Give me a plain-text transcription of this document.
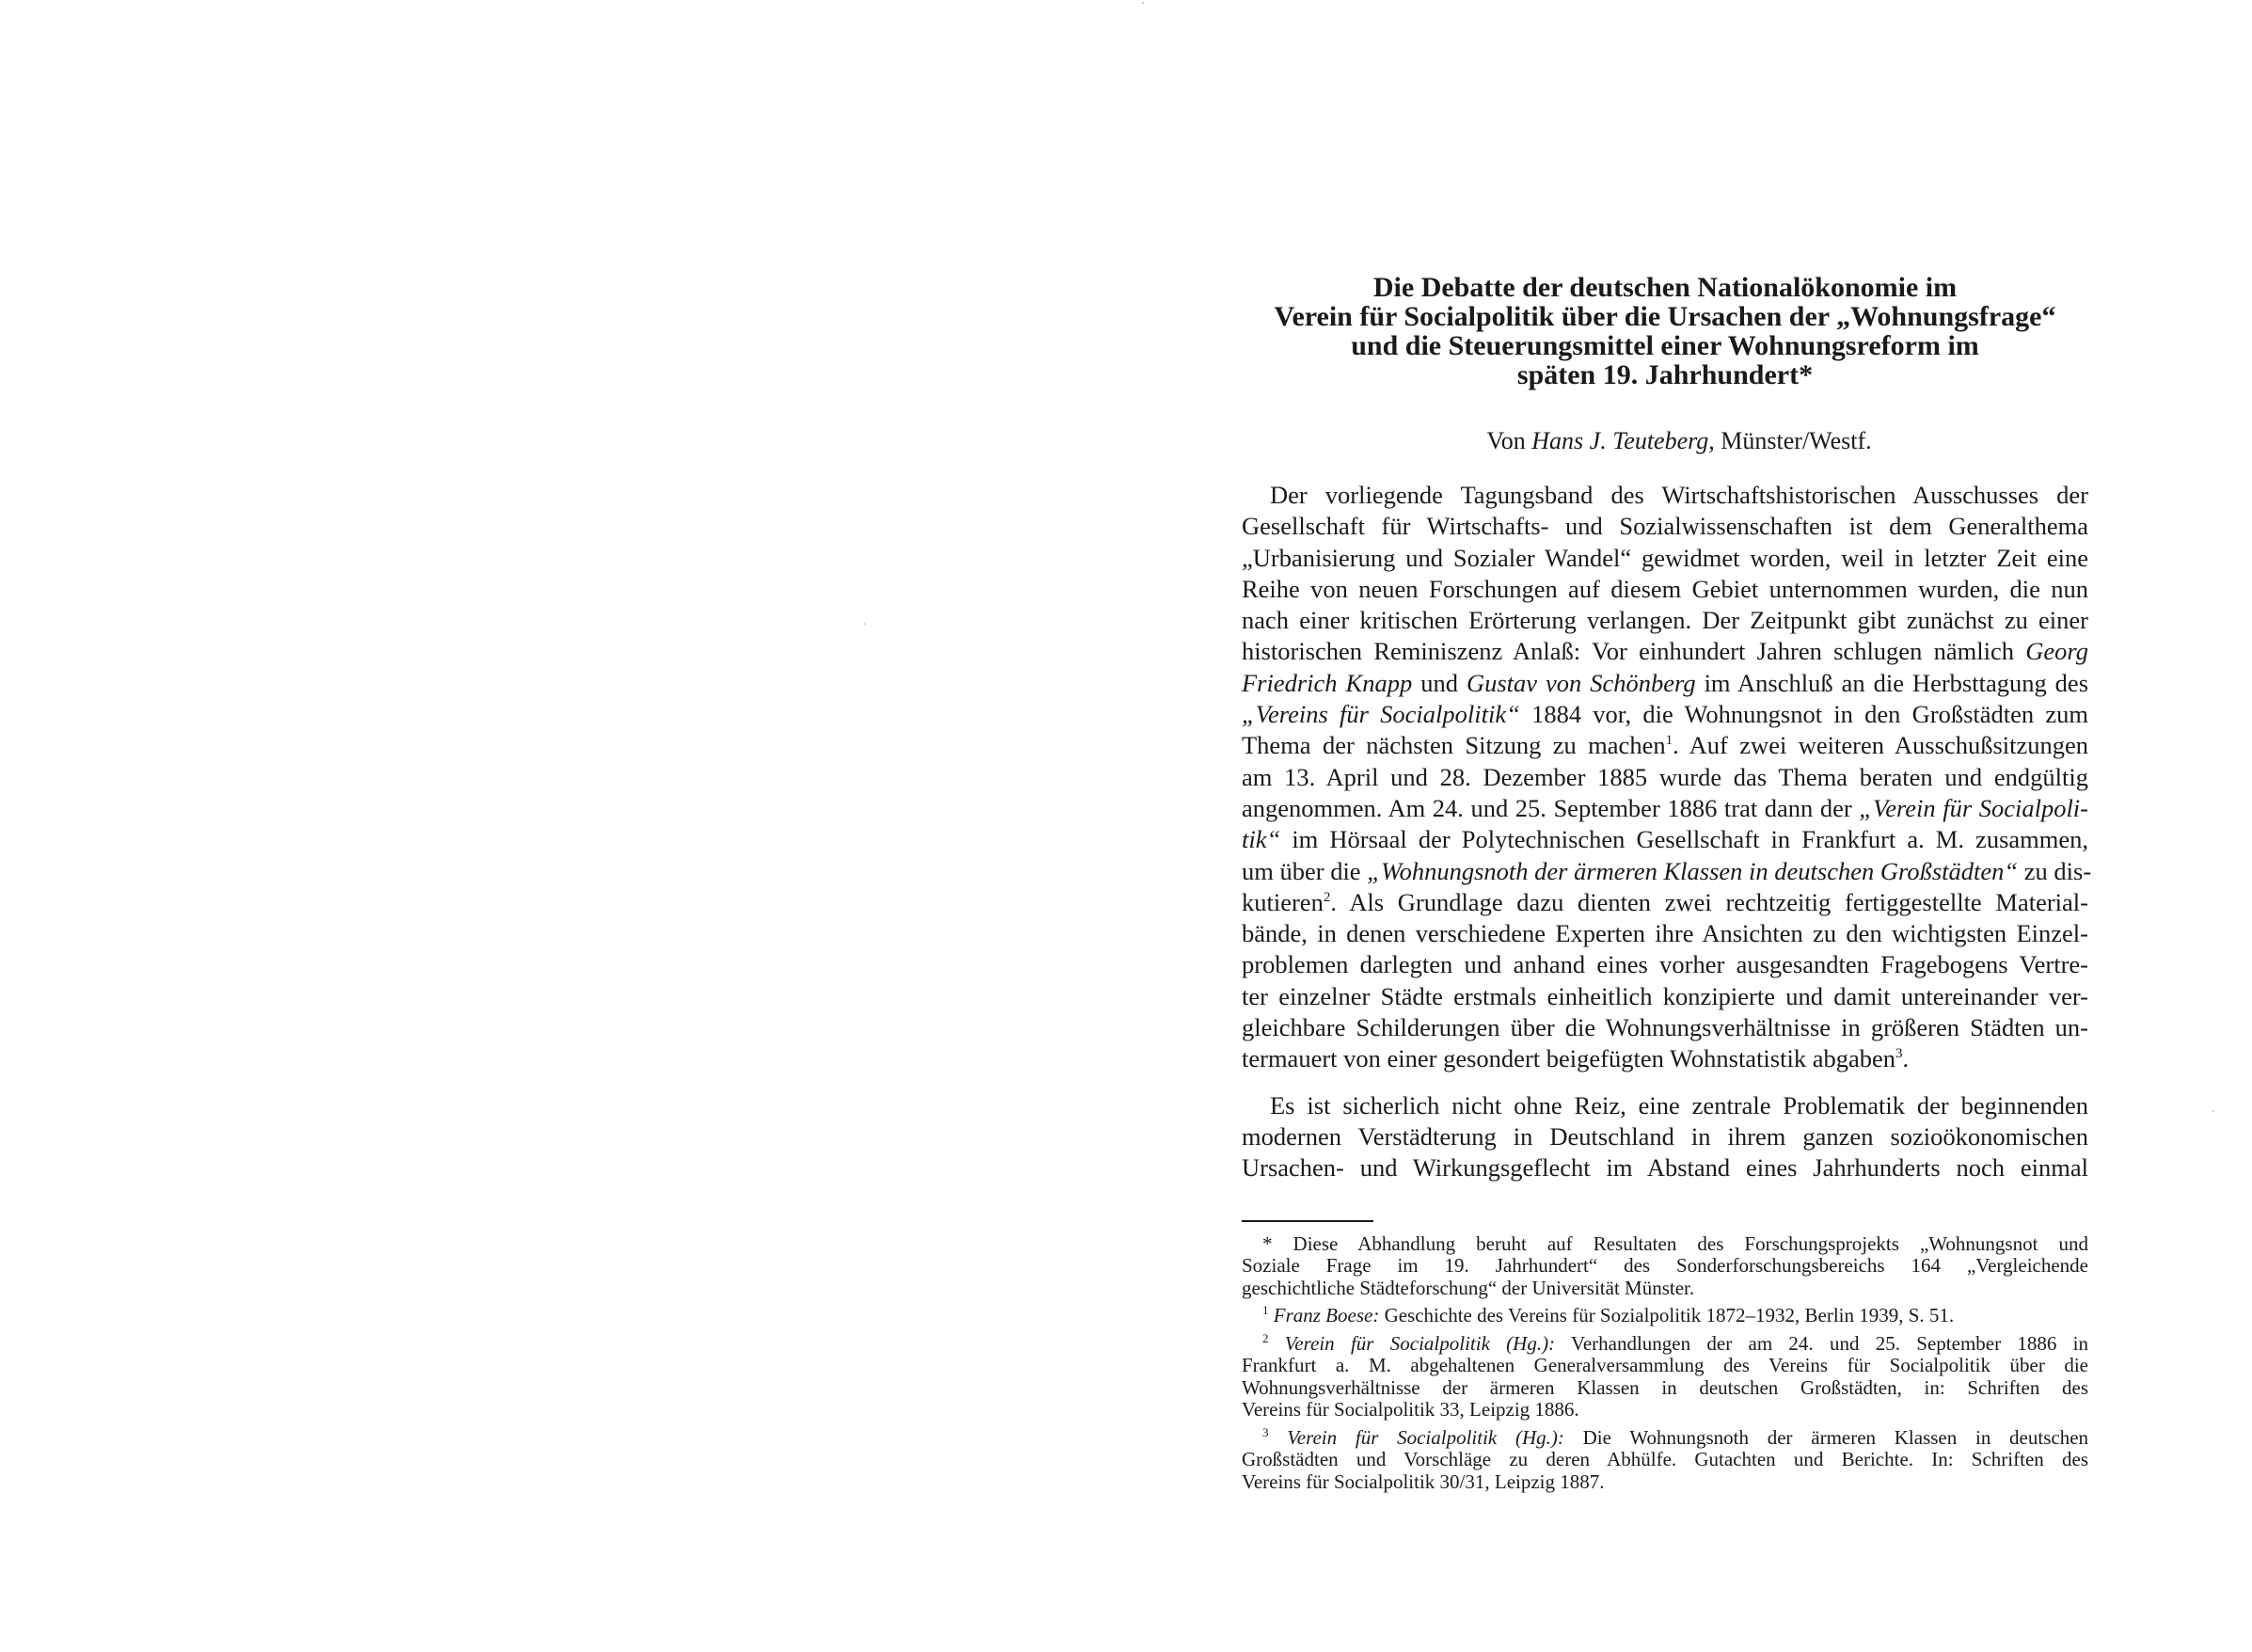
Die Debatte der deutschen Nationalökonomie im
Verein für Socialpolitik über die Ursachen der „Wohnungsfrage“
und die Steuerungsmittel einer Wohnungsreform im
späten 19. Jahrhundert*
Von Hans J. Teuteberg, Münster/Westf.
Der vorliegende Tagungsband des Wirtschaftshistorischen Ausschusses der
Gesellschaft für Wirtschafts- und Sozialwissenschaften ist dem Generalthema
„Urbanisierung und Sozialer Wandel“ gewidmet worden, weil in letzter Zeit eine
Reihe von neuen Forschungen auf diesem Gebiet unternommen wurden, die nun
nach einer kritischen Erörterung verlangen. Der Zeitpunkt gibt zunächst zu einer
historischen Reminiszenz Anlaß: Vor einhundert Jahren schlugen nämlich Georg
Friedrich Knapp und Gustav von Schönberg im Anschluß an die Herbsttagung des
„Vereins für Socialpolitik“ 1884 vor, die Wohnungsnot in den Großstädten zum
Thema der nächsten Sitzung zu machen$^1$. Auf zwei weiteren Ausschußsitzungen
am 13. April und 28. Dezember 1885 wurde das Thema beraten und endgültig
angenommen. Am 24. und 25. September 1886 trat dann der „Verein für Socialpoli-
tik“ im Hörsaal der Polytechnischen Gesellschaft in Frankfurt a. M. zusammen,
um über die „Wohnungsnoth der ärmeren Klassen in deutschen Großstädten“ zu dis-
kutieren$^2$. Als Grundlage dazu dienten zwei rechtzeitig fertiggestellte Material-
bände, in denen verschiedene Experten ihre Ansichten zu den wichtigsten Einzel-
problemen darlegten und anhand eines vorher ausgesandten Fragebogens Vertre-
ter einzelner Städte erstmals einheitlich konzipierte und damit untereinander ver-
gleichbare Schilderungen über die Wohnungsverhältnisse in größeren Städten un-
termauert von einer gesondert beigefügten Wohnstatistik abgaben$^3$.
Es ist sicherlich nicht ohne Reiz, eine zentrale Problematik der beginnenden
modernen Verstädterung in Deutschland in ihrem ganzen sozioökonomischen
Ursachen- und Wirkungsgeflecht im Abstand eines Jahrhunderts noch einmal
* Diese Abhandlung beruht auf Resultaten des Forschungsprojekts „Wohnungsnot und
Soziale Frage im 19. Jahrhundert“ des Sonderforschungsbereichs 164 „Vergleichende
geschichtliche Städteforschung“ der Universität Münster.
$^1$ Franz Boese: Geschichte des Vereins für Sozialpolitik 1872–1932, Berlin 1939, S. 51.
$^2$ Verein für Socialpolitik (Hg.): Verhandlungen der am 24. und 25. September 1886 in
Frankfurt a. M. abgehaltenen Generalversammlung des Vereins für Socialpolitik über die
Wohnungsverhältnisse der ärmeren Klassen in deutschen Großstädten, in: Schriften des
Vereins für Socialpolitik 33, Leipzig 1886.
$^3$ Verein für Socialpolitik (Hg.): Die Wohnungsnoth der ärmeren Klassen in deutschen
Großstädten und Vorschläge zu deren Abhülfe. Gutachten und Berichte. In: Schriften des
Vereins für Socialpolitik 30/31, Leipzig 1887.
